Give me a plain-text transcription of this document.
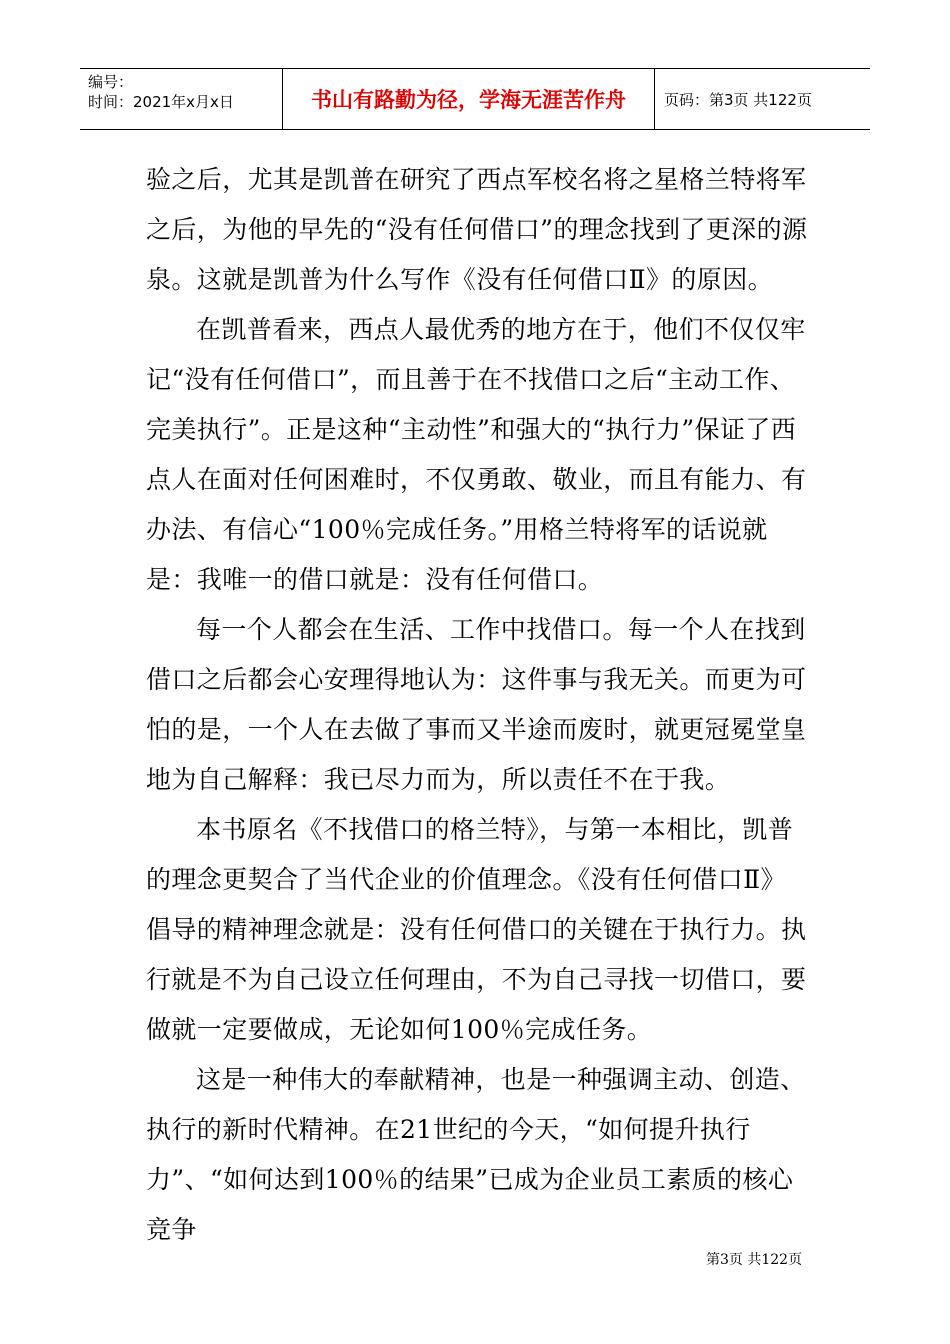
编号：
时间：2021年x月x日	书山有路勤为径，学海无涯苦作舟	页码：第3页 共122页

验之后，尤其是凯普在研究了西点军校名将之星格兰特将军之后，为他的早先的“没有任何借口”的理念找到了更深的源泉。这就是凯普为什么写作《没有任何借口Ⅱ》的原因。

在凯普看来，西点人最优秀的地方在于，他们不仅仅牢记“没有任何借口”，而且善于在不找借口之后“主动工作、完美执行”。正是这种“主动性”和强大的“执行力”保证了西点人在面对任何困难时，不仅勇敢、敬业，而且有能力、有办法、有信心“100％完成任务。”用格兰特将军的话说就是：我唯一的借口就是：没有任何借口。

每一个人都会在生活、工作中找借口。每一个人在找到借口之后都会心安理得地认为：这件事与我无关。而更为可怕的是，一个人在去做了事而又半途而废时，就更冠冕堂皇地为自己解释：我已尽力而为，所以责任不在于我。

本书原名《不找借口的格兰特》，与第一本相比，凯普的理念更契合了当代企业的价值理念。《没有任何借口Ⅱ》倡导的精神理念就是：没有任何借口的关键在于执行力。执行就是不为自己设立任何理由，不为自己寻找一切借口，要做就一定要做成，无论如何100％完成任务。

这是一种伟大的奉献精神，也是一种强调主动、创造、执行的新时代精神。在21世纪的今天，“如何提升执行力”、“如何达到100％的结果”已成为企业员工素质的核心竞争

第3页 共122页
